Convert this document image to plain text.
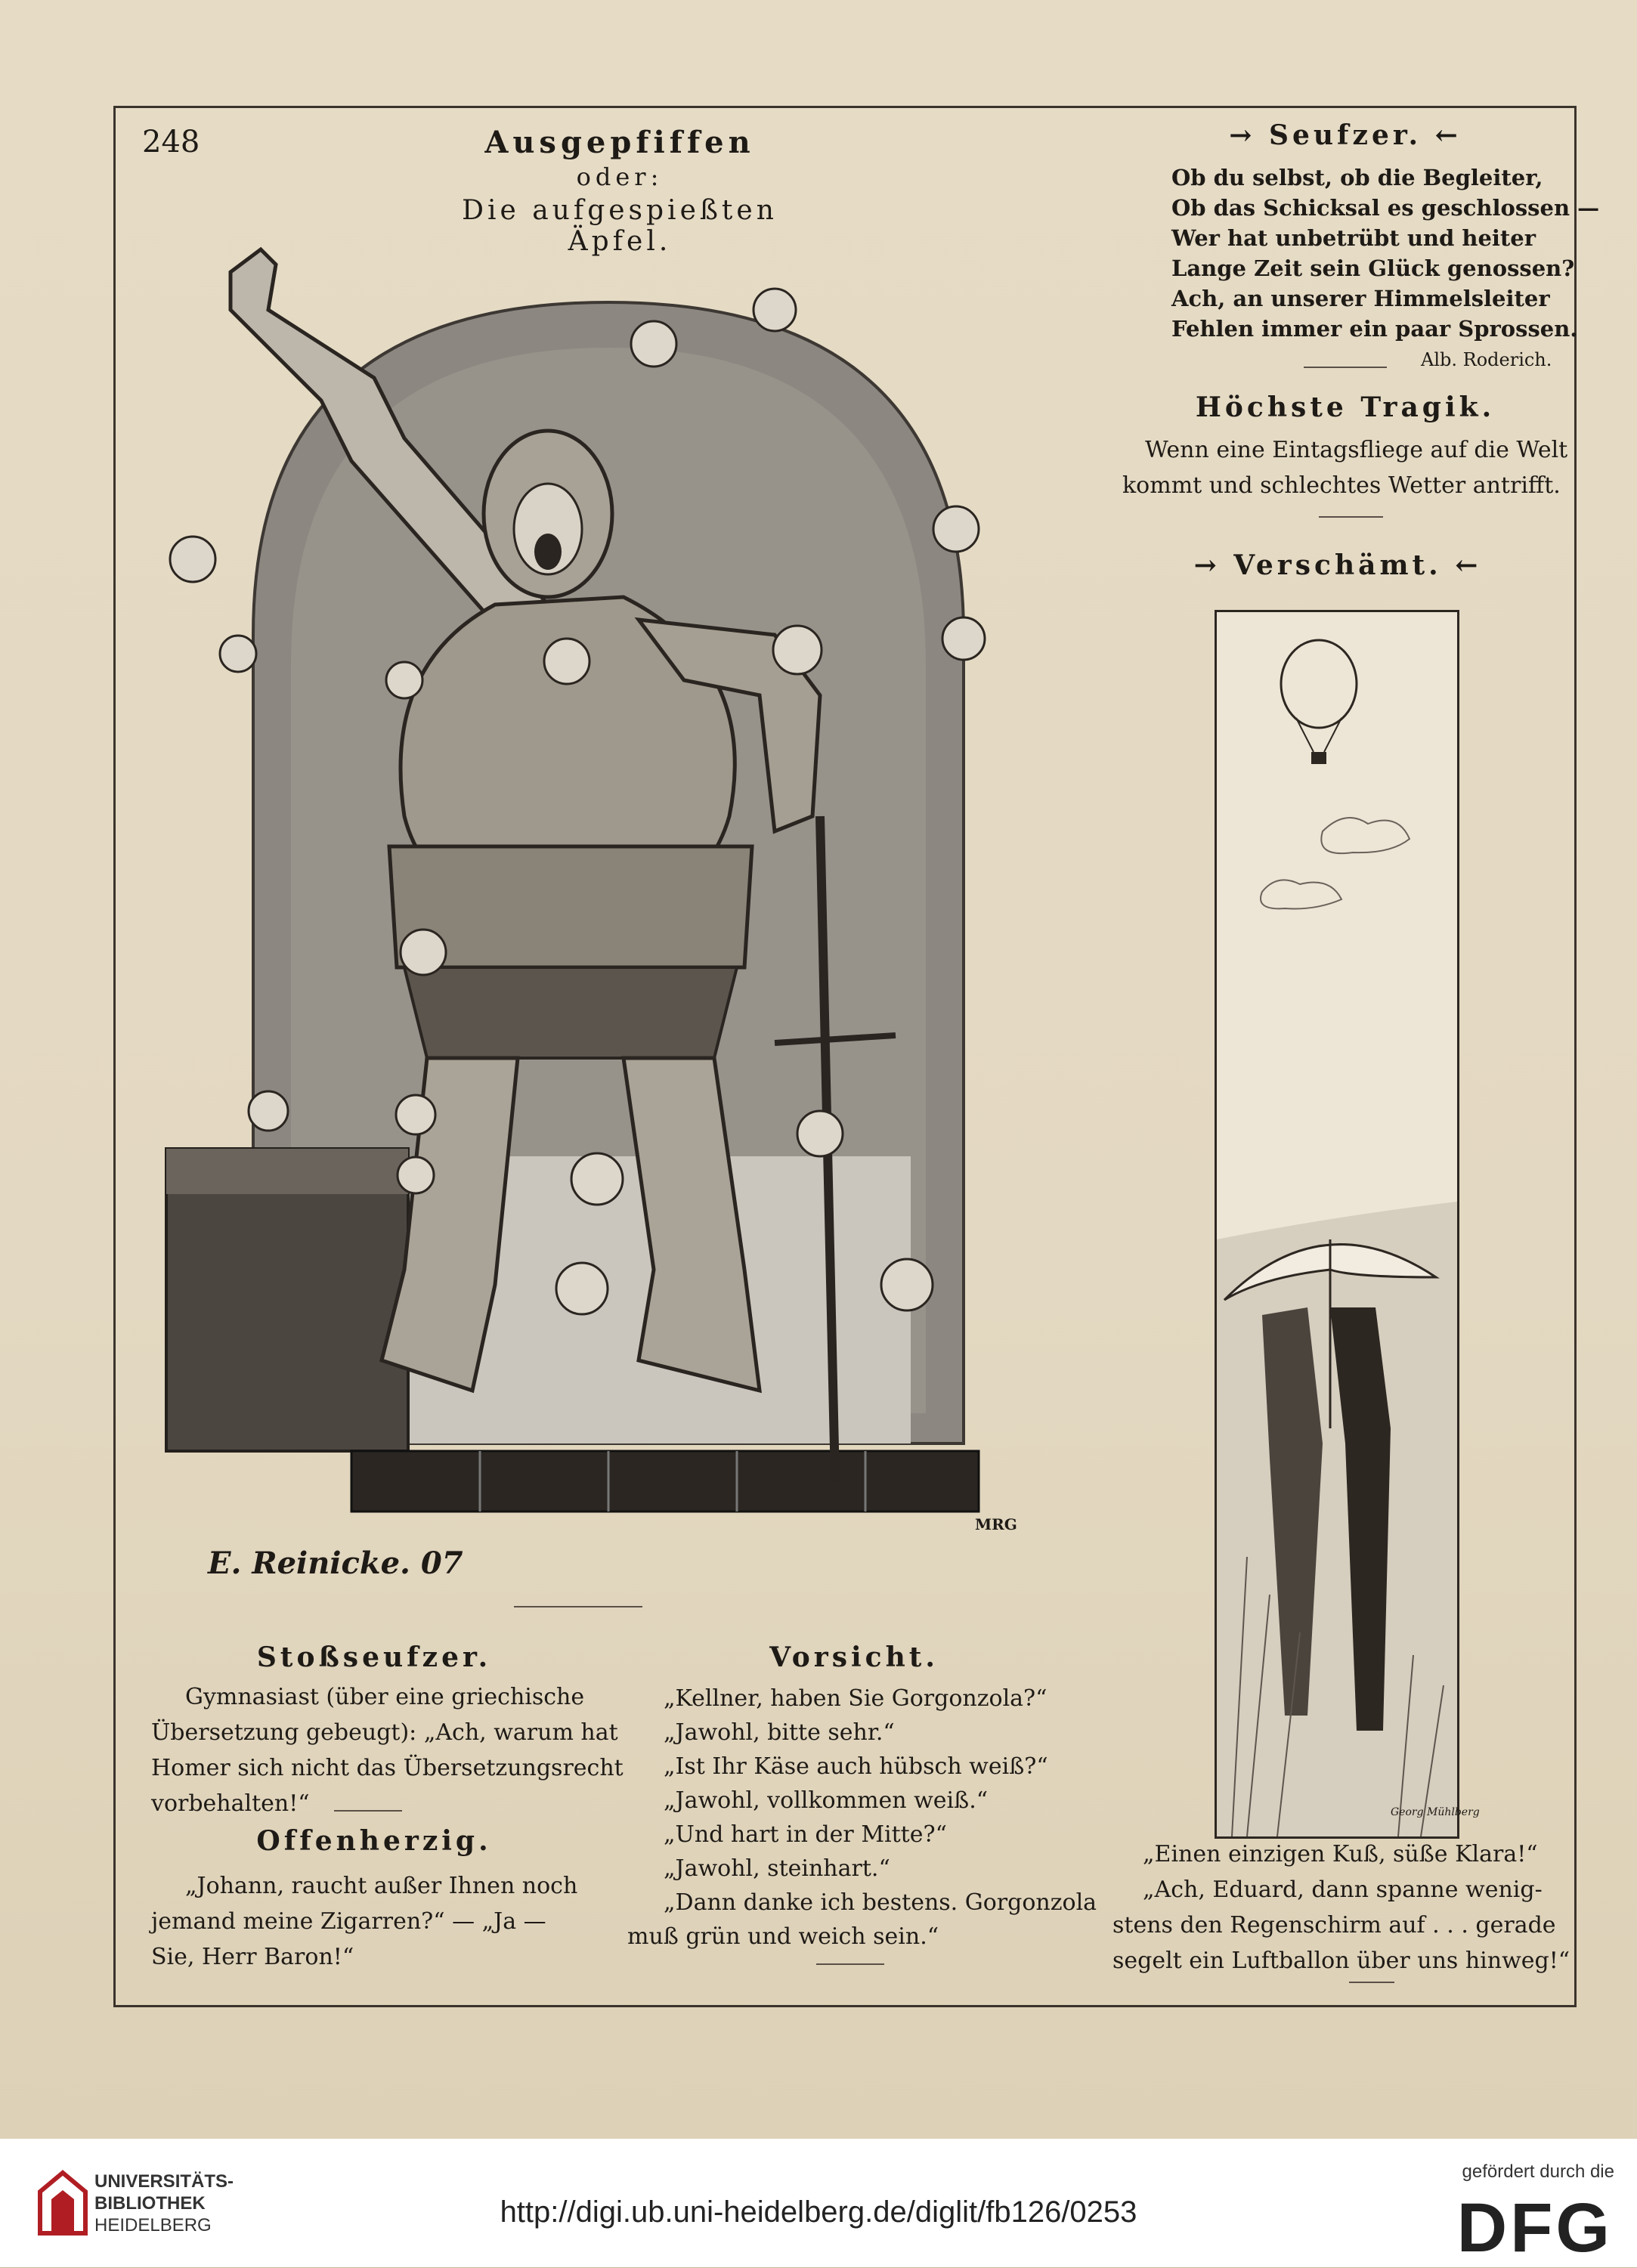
248	Ausgepfiffen
oder:
Die aufgespießten Äpfel.
E. Reinicke. 07
MRG
→ Seufzer. ←
Ob du selbst, ob die Begleiter,
Ob das Schicksal es geschlossen —
Wer hat unbetrübt und heiter
Lange Zeit sein Glück genossen?
Ach, an unserer Himmelsleiter
Fehlen immer ein paar Sprossen.
Alb. Roderich.
Höchste Tragik.
Wenn eine Eintagsfliege auf die Welt
kommt und schlechtes Wetter antrifft.
→ Verschämt. ←
Georg Mühlberg
„Einen einzigen Kuß, süße Klara!“
„Ach, Eduard, dann spanne wenig-
stens den Regenschirm auf . . . gerade
segelt ein Luftballon über uns hinweg!“
Stoßseufzer.
Gymnasiast (über eine griechische
Übersetzung gebeugt): „Ach, warum hat
Homer sich nicht das Übersetzungsrecht
vorbehalten!“
Offenherzig.
„Johann, raucht außer Ihnen noch
jemand meine Zigarren?“ — „Ja —
Sie, Herr Baron!“
Vorsicht.
„Kellner, haben Sie Gorgonzola?“
„Jawohl, bitte sehr.“
„Ist Ihr Käse auch hübsch weiß?“
„Jawohl, vollkommen weiß.“
„Und hart in der Mitte?“
„Jawohl, steinhart.“
„Dann danke ich bestens. Gorgonzola
muß grün und weich sein.“
UNIVERSITÄTS-
BIBLIOTHEK
HEIDELBERG	http://digi.ub.uni-heidelberg.de/diglit/fb126/0253
gefördert durch die
DFG
